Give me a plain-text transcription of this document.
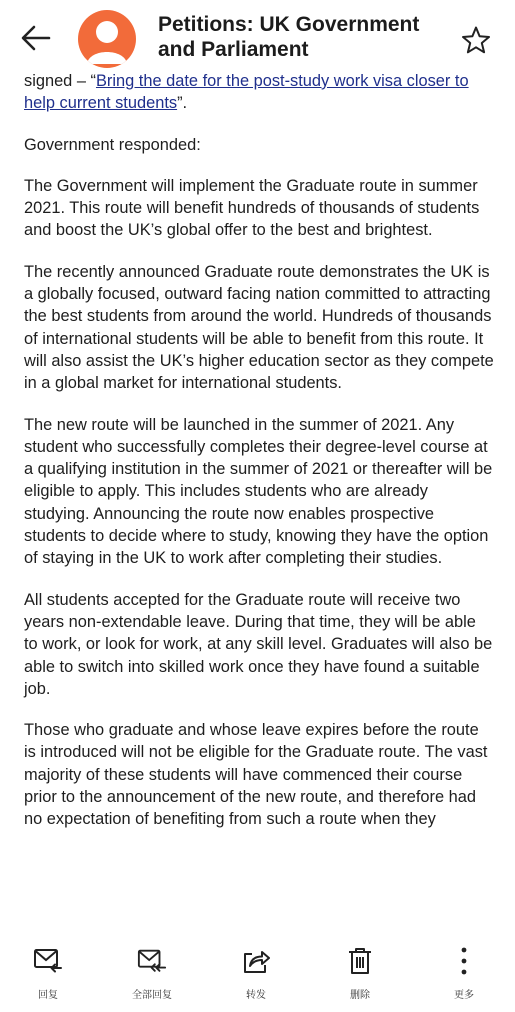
Petitions: UK Government
and Parliament

signed – “Bring the date for the post-study work visa closer to help current students”.

Government responded:

The Government will implement the Graduate route in summer 2021. This route will benefit hundreds of thousands of students and boost the UK’s global offer to the best and brightest.

The recently announced Graduate route demonstrates the UK is a globally focused, outward facing nation committed to attracting the best students from around the world. Hundreds of thousands of international students will be able to benefit from this route. It will also assist the UK’s higher education sector as they compete in a global market for international students.

The new route will be launched in the summer of 2021. Any student who successfully completes their degree-level course at a qualifying institution in the summer of 2021 or thereafter will be eligible to apply. This includes students who are already studying. Announcing the route now enables prospective students to decide where to study, knowing they have the option of staying in the UK to work after completing their studies.

All students accepted for the Graduate route will receive two years non-extendable leave. During that time, they will be able to work, or look for work, at any skill level. Graduates will also be able to switch into skilled work once they have found a suitable job.

Those who graduate and whose leave expires before the route is introduced will not be eligible for the Graduate route. The vast majority of these students will have commenced their course prior to the announcement of the new route, and therefore had no expectation of benefiting from such a route when they

回复	全部回复	转发	删除	更多
